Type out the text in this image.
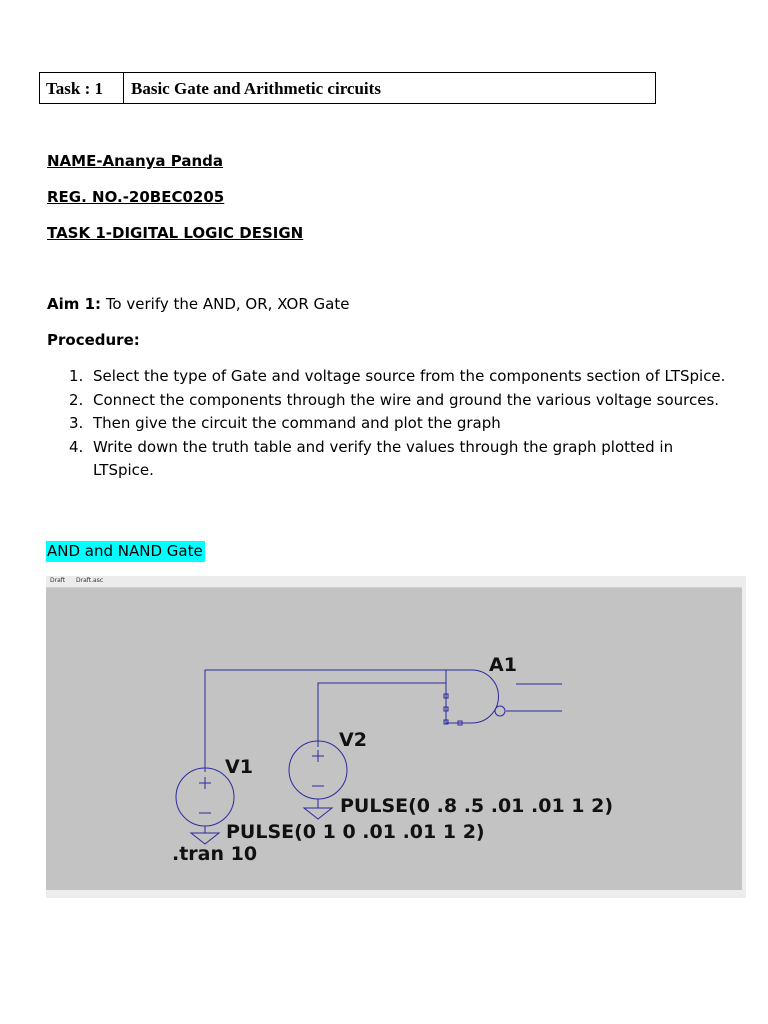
Task : 1	Basic Gate and Arithmetic circuits
NAME-Ananya Panda
REG. NO.-20BEC0205
TASK 1-DIGITAL LOGIC DESIGN
Aim 1: To verify the AND, OR, XOR Gate
Procedure:
1. Select the type of Gate and voltage source from the components section of LTSpice.
2. Connect the components through the wire and ground the various voltage sources.
3. Then give the circuit the command and plot the graph
4. Write down the truth table and verify the values through the graph plotted in LTSpice.
AND and NAND Gate
Draft Draft.asc
A1
V2
V1
PULSE(0 .8 .5 .01 .01 1 2)
PULSE(0 1 0 .01 .01 1 2)
.tran 10
